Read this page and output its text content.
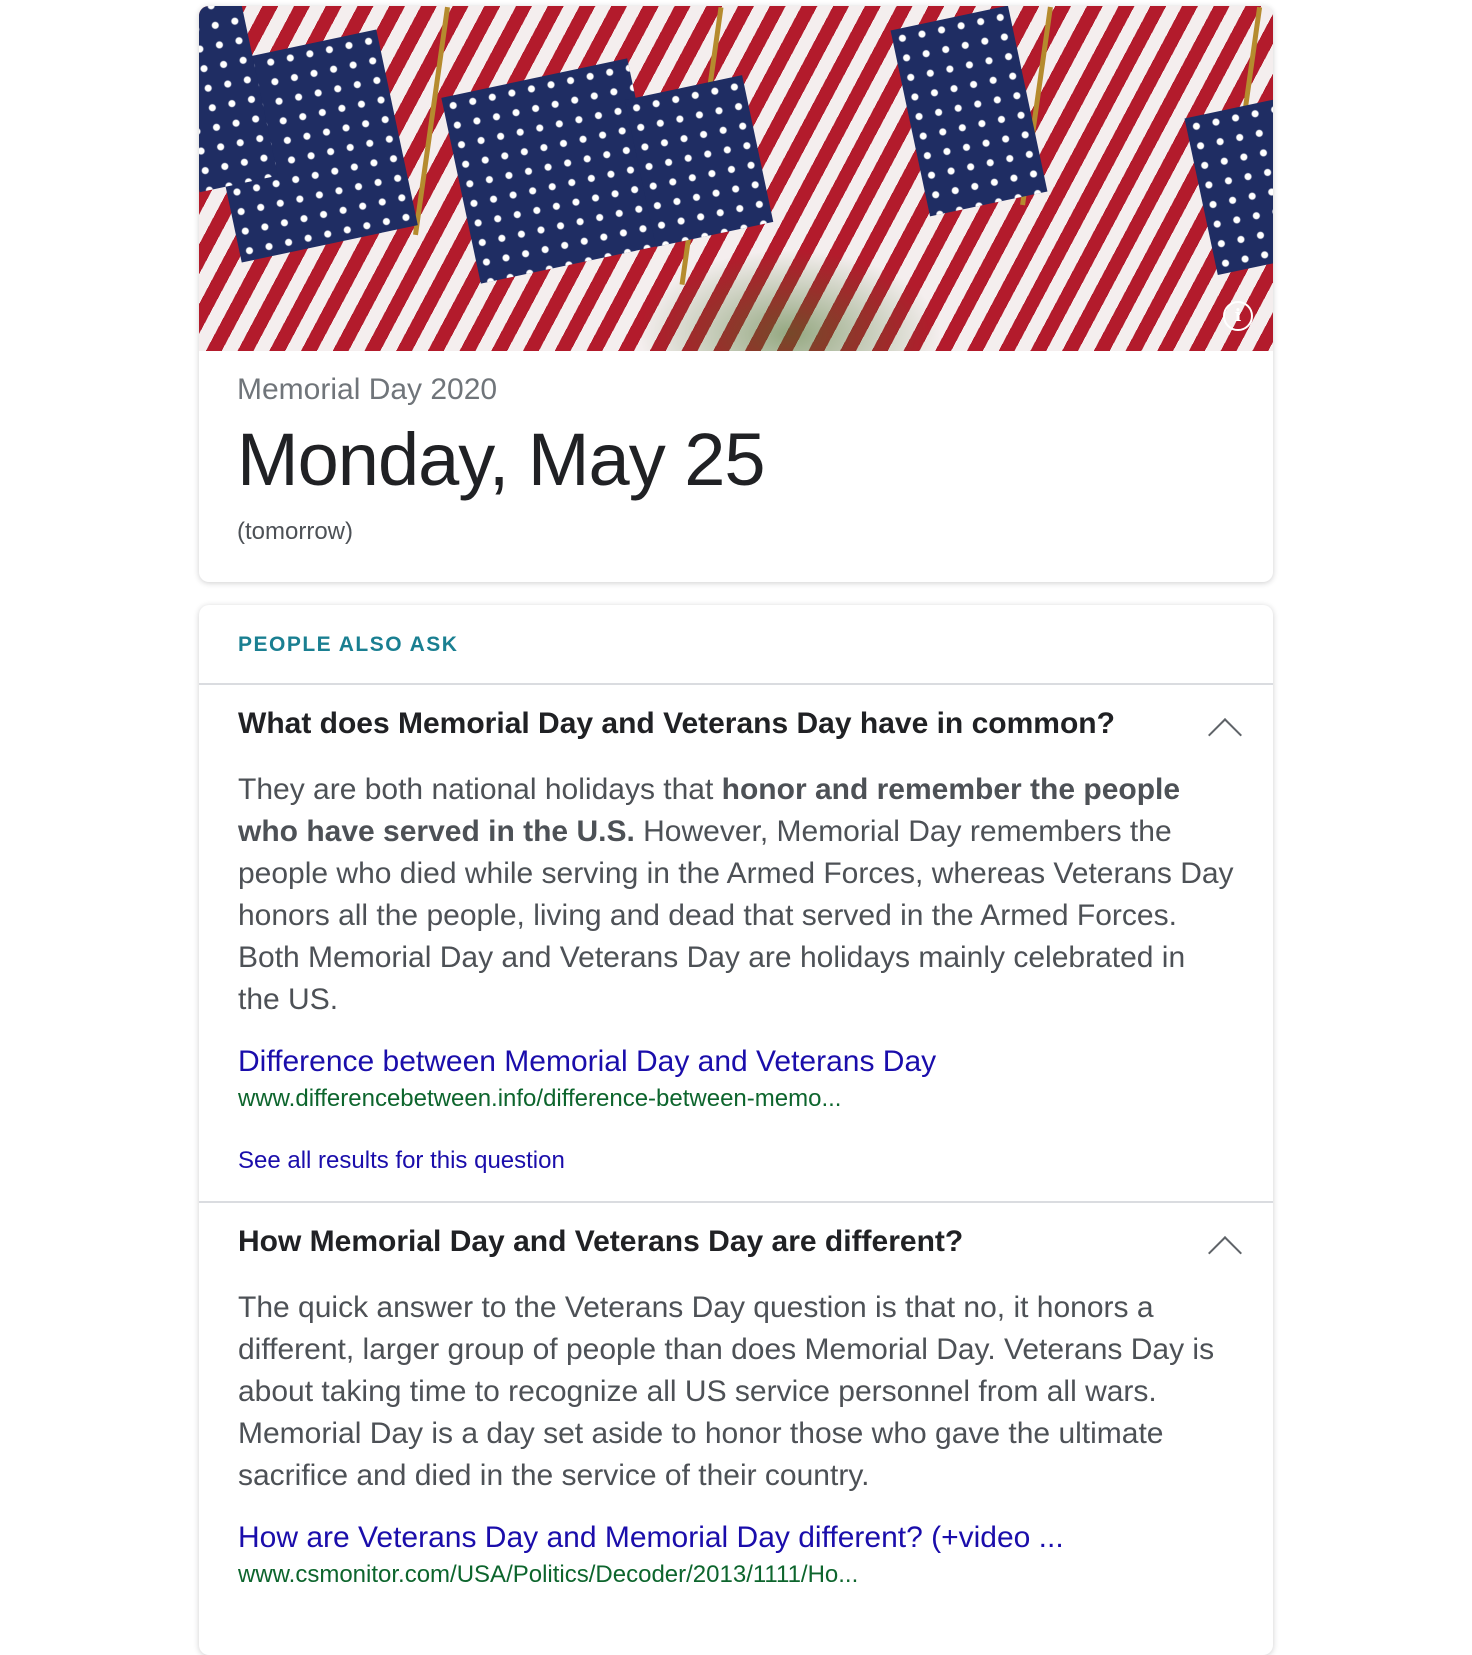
i
Memorial Day 2020
Monday, May 25
(tomorrow)
PEOPLE ALSO ASK
What does Memorial Day and Veterans Day have in common?
They are both national holidays that honor and remember the people who have served in the U.S. However, Memorial Day remembers the people who died while serving in the Armed Forces, whereas Veterans Day honors all the people, living and dead that served in the Armed Forces. Both Memorial Day and Veterans Day are holidays mainly celebrated in the US.
Difference between Memorial Day and Veterans Day
www.differencebetween.info/difference-between-memo...
See all results for this question
How Memorial Day and Veterans Day are different?
The quick answer to the Veterans Day question is that no, it honors a different, larger group of people than does Memorial Day. Veterans Day is about taking time to recognize all US service personnel from all wars. Memorial Day is a day set aside to honor those who gave the ultimate sacrifice and died in the service of their country.
How are Veterans Day and Memorial Day different? (+video ...
www.csmonitor.com/USA/Politics/Decoder/2013/1111/Ho...
